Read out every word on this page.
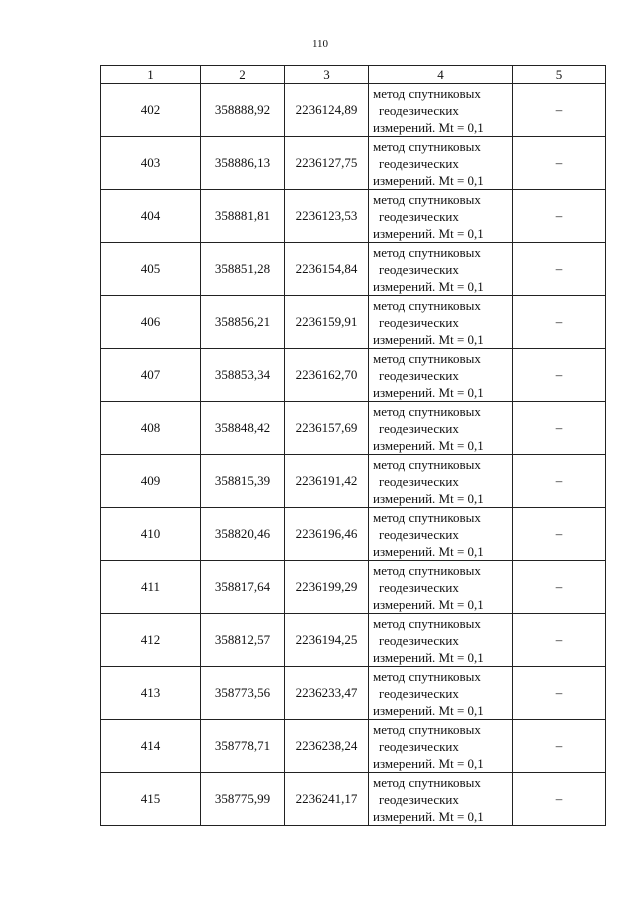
110
1	2	3	4	5
402	358888,92	2236124,89	метод спутниковых
геодезических
измерений. Mt = 0,1	–
403	358886,13	2236127,75	метод спутниковых
геодезических
измерений. Mt = 0,1	–
404	358881,81	2236123,53	метод спутниковых
геодезических
измерений. Mt = 0,1	–
405	358851,28	2236154,84	метод спутниковых
геодезических
измерений. Mt = 0,1	–
406	358856,21	2236159,91	метод спутниковых
геодезических
измерений. Mt = 0,1	–
407	358853,34	2236162,70	метод спутниковых
геодезических
измерений. Mt = 0,1	–
408	358848,42	2236157,69	метод спутниковых
геодезических
измерений. Mt = 0,1	–
409	358815,39	2236191,42	метод спутниковых
геодезических
измерений. Mt = 0,1	–
410	358820,46	2236196,46	метод спутниковых
геодезических
измерений. Mt = 0,1	–
411	358817,64	2236199,29	метод спутниковых
геодезических
измерений. Mt = 0,1	–
412	358812,57	2236194,25	метод спутниковых
геодезических
измерений. Mt = 0,1	–
413	358773,56	2236233,47	метод спутниковых
геодезических
измерений. Mt = 0,1	–
414	358778,71	2236238,24	метод спутниковых
геодезических
измерений. Mt = 0,1	–
415	358775,99	2236241,17	метод спутниковых
геодезических
измерений. Mt = 0,1	–
